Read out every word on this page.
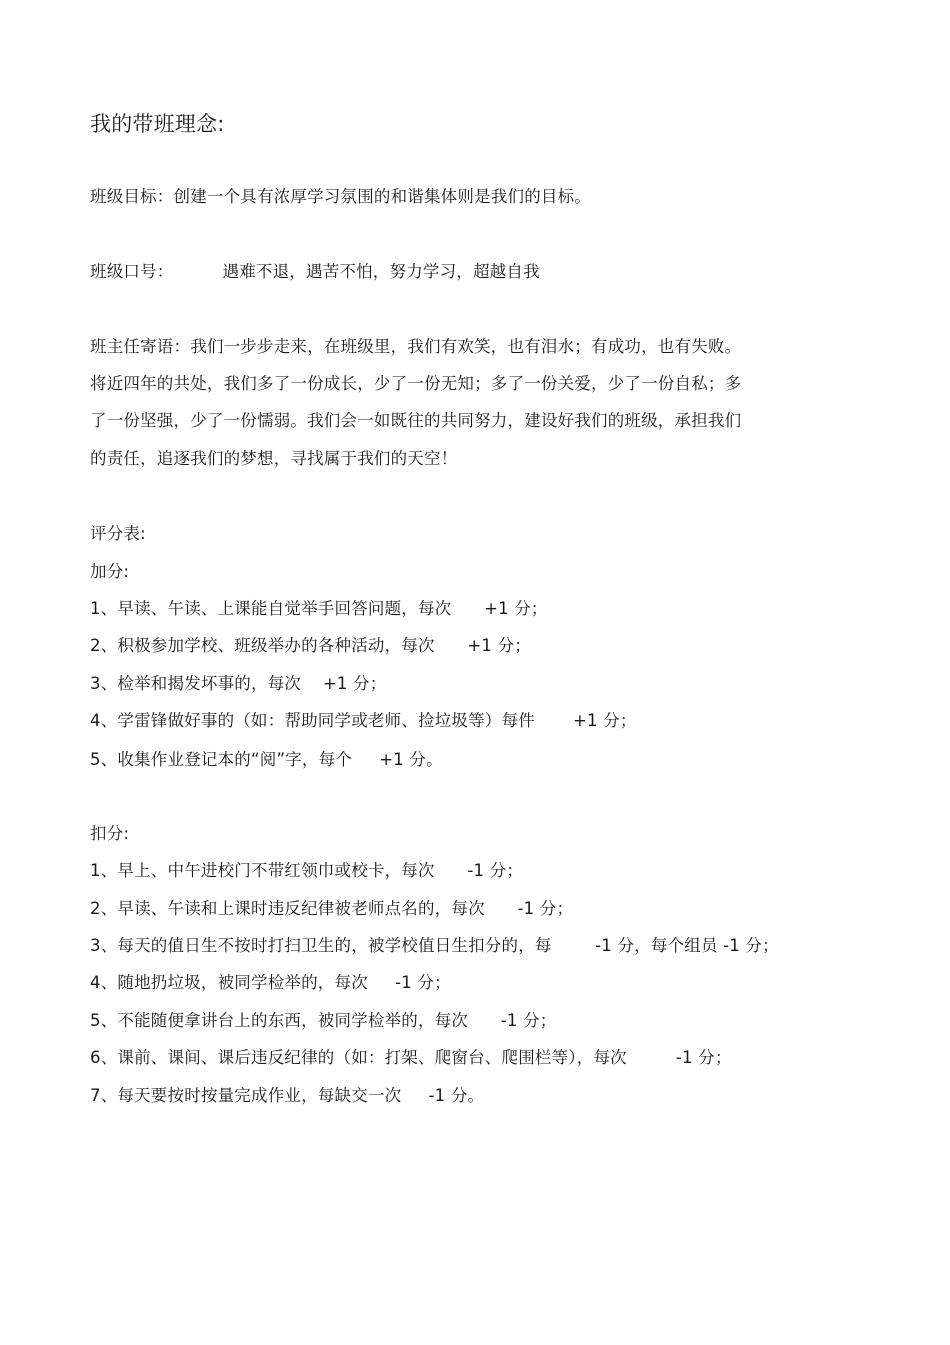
我的带班理念:
班级目标：创建一个具有浓厚学习氛围的和谐集体则是我们的目标。
班级口号：         遇难不退，遇苦不怕，努力学习，超越自我
班主任寄语：我们一步步走来，在班级里，我们有欢笑，也有泪水；有成功，也有失败。
将近四年的共处，我们多了一份成长，少了一份无知；多了一份关爱，少了一份自私；多
了一份坚强，少了一份懦弱。我们会一如既往的共同努力，建设好我们的班级，承担我们
的责任，追逐我们的梦想，寻找属于我们的天空！
评分表:
加分:
1、早读、午读、上课能自觉举手回答问题，每次      +1 分；
2、积极参加学校、班级举办的各种活动，每次      +1 分；
3、检举和揭发坏事的，每次    +1 分；
4、学雷锋做好事的（如：帮助同学或老师、捡垃圾等）每件       +1 分；
5、收集作业登记本的“阅”字，每个     +1 分。
扣分:
1、早上、中午进校门不带红领巾或校卡，每次      -1 分；
2、早读、午读和上课时违反纪律被老师点名的，每次      -1 分；
3、每天的值日生不按时打扫卫生的，被学校值日生扣分的，每        -1 分，每个组员 -1 分；
4、随地扔垃圾，被同学检举的，每次     -1 分；
5、不能随便拿讲台上的东西，被同学检举的，每次      -1 分；
6、课前、课间、课后违反纪律的（如：打架、爬窗台、爬围栏等），每次         -1 分；
7、每天要按时按量完成作业，每缺交一次     -1 分。
